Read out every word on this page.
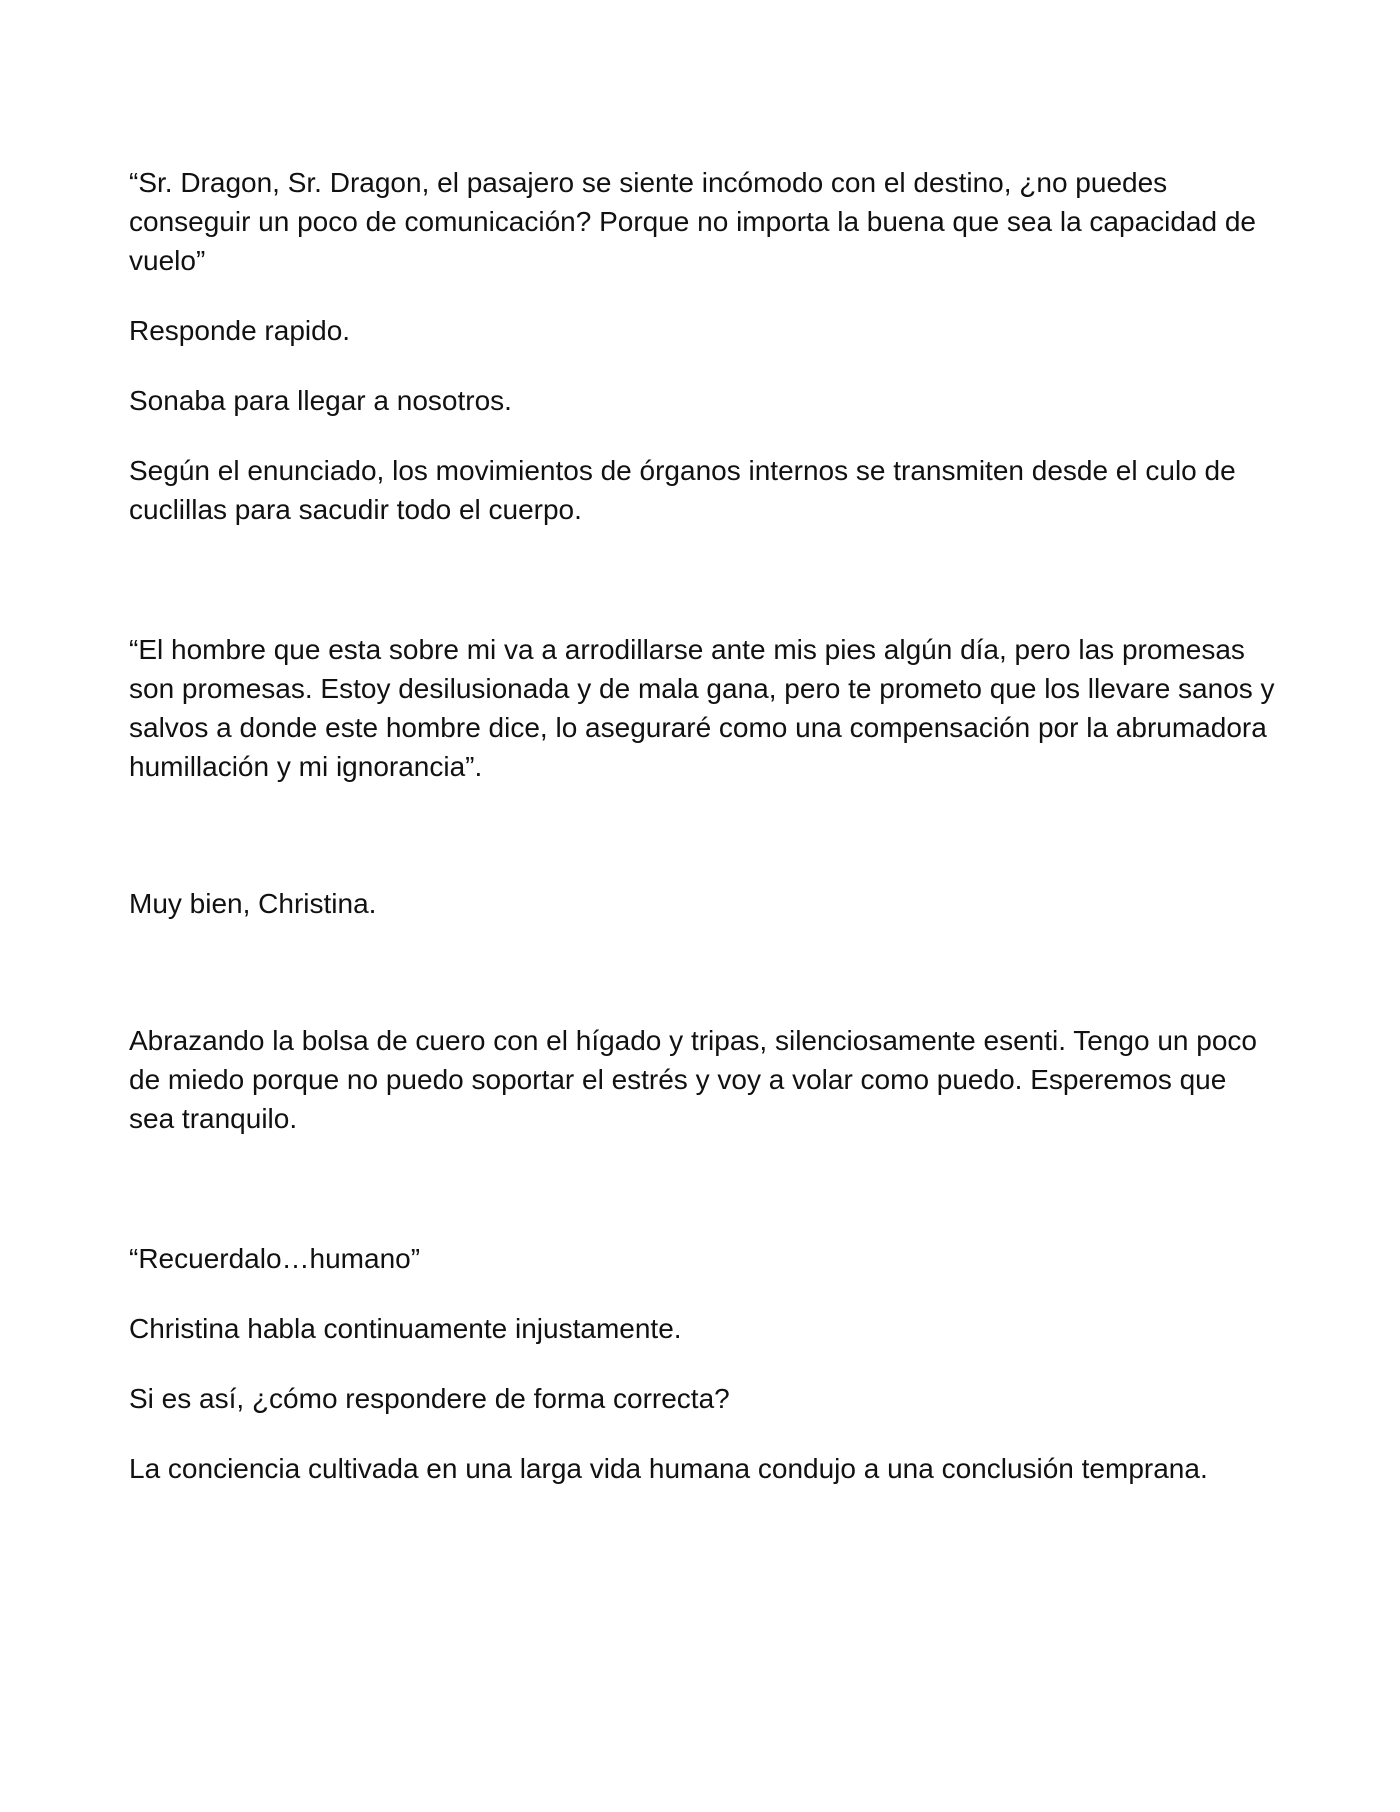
“Sr. Dragon, Sr. Dragon, el pasajero se siente incómodo con el destino, ¿no puedes conseguir un poco de comunicación? Porque no importa la buena que sea la capacidad de vuelo”

Responde rapido.

Sonaba para llegar a nosotros.

Según el enunciado, los movimientos de órganos internos se transmiten desde el culo de cuclillas para sacudir todo el cuerpo.

“El hombre que esta sobre mi va a arrodillarse ante mis pies algún día, pero las promesas son promesas. Estoy desilusionada y de mala gana, pero te prometo que los llevare sanos y salvos a donde este hombre dice, lo aseguraré como una compensación por la abrumadora humillación y mi ignorancia”.

Muy bien, Christina.

Abrazando la bolsa de cuero con el hígado y tripas, silenciosamente esenti. Tengo un poco de miedo porque no puedo soportar el estrés y voy a volar como puedo. Esperemos que sea tranquilo.

“Recuerdalo…humano”

Christina habla continuamente injustamente.

Si es así, ¿cómo respondere de forma correcta?

La conciencia cultivada en una larga vida humana condujo a una conclusión temprana.
